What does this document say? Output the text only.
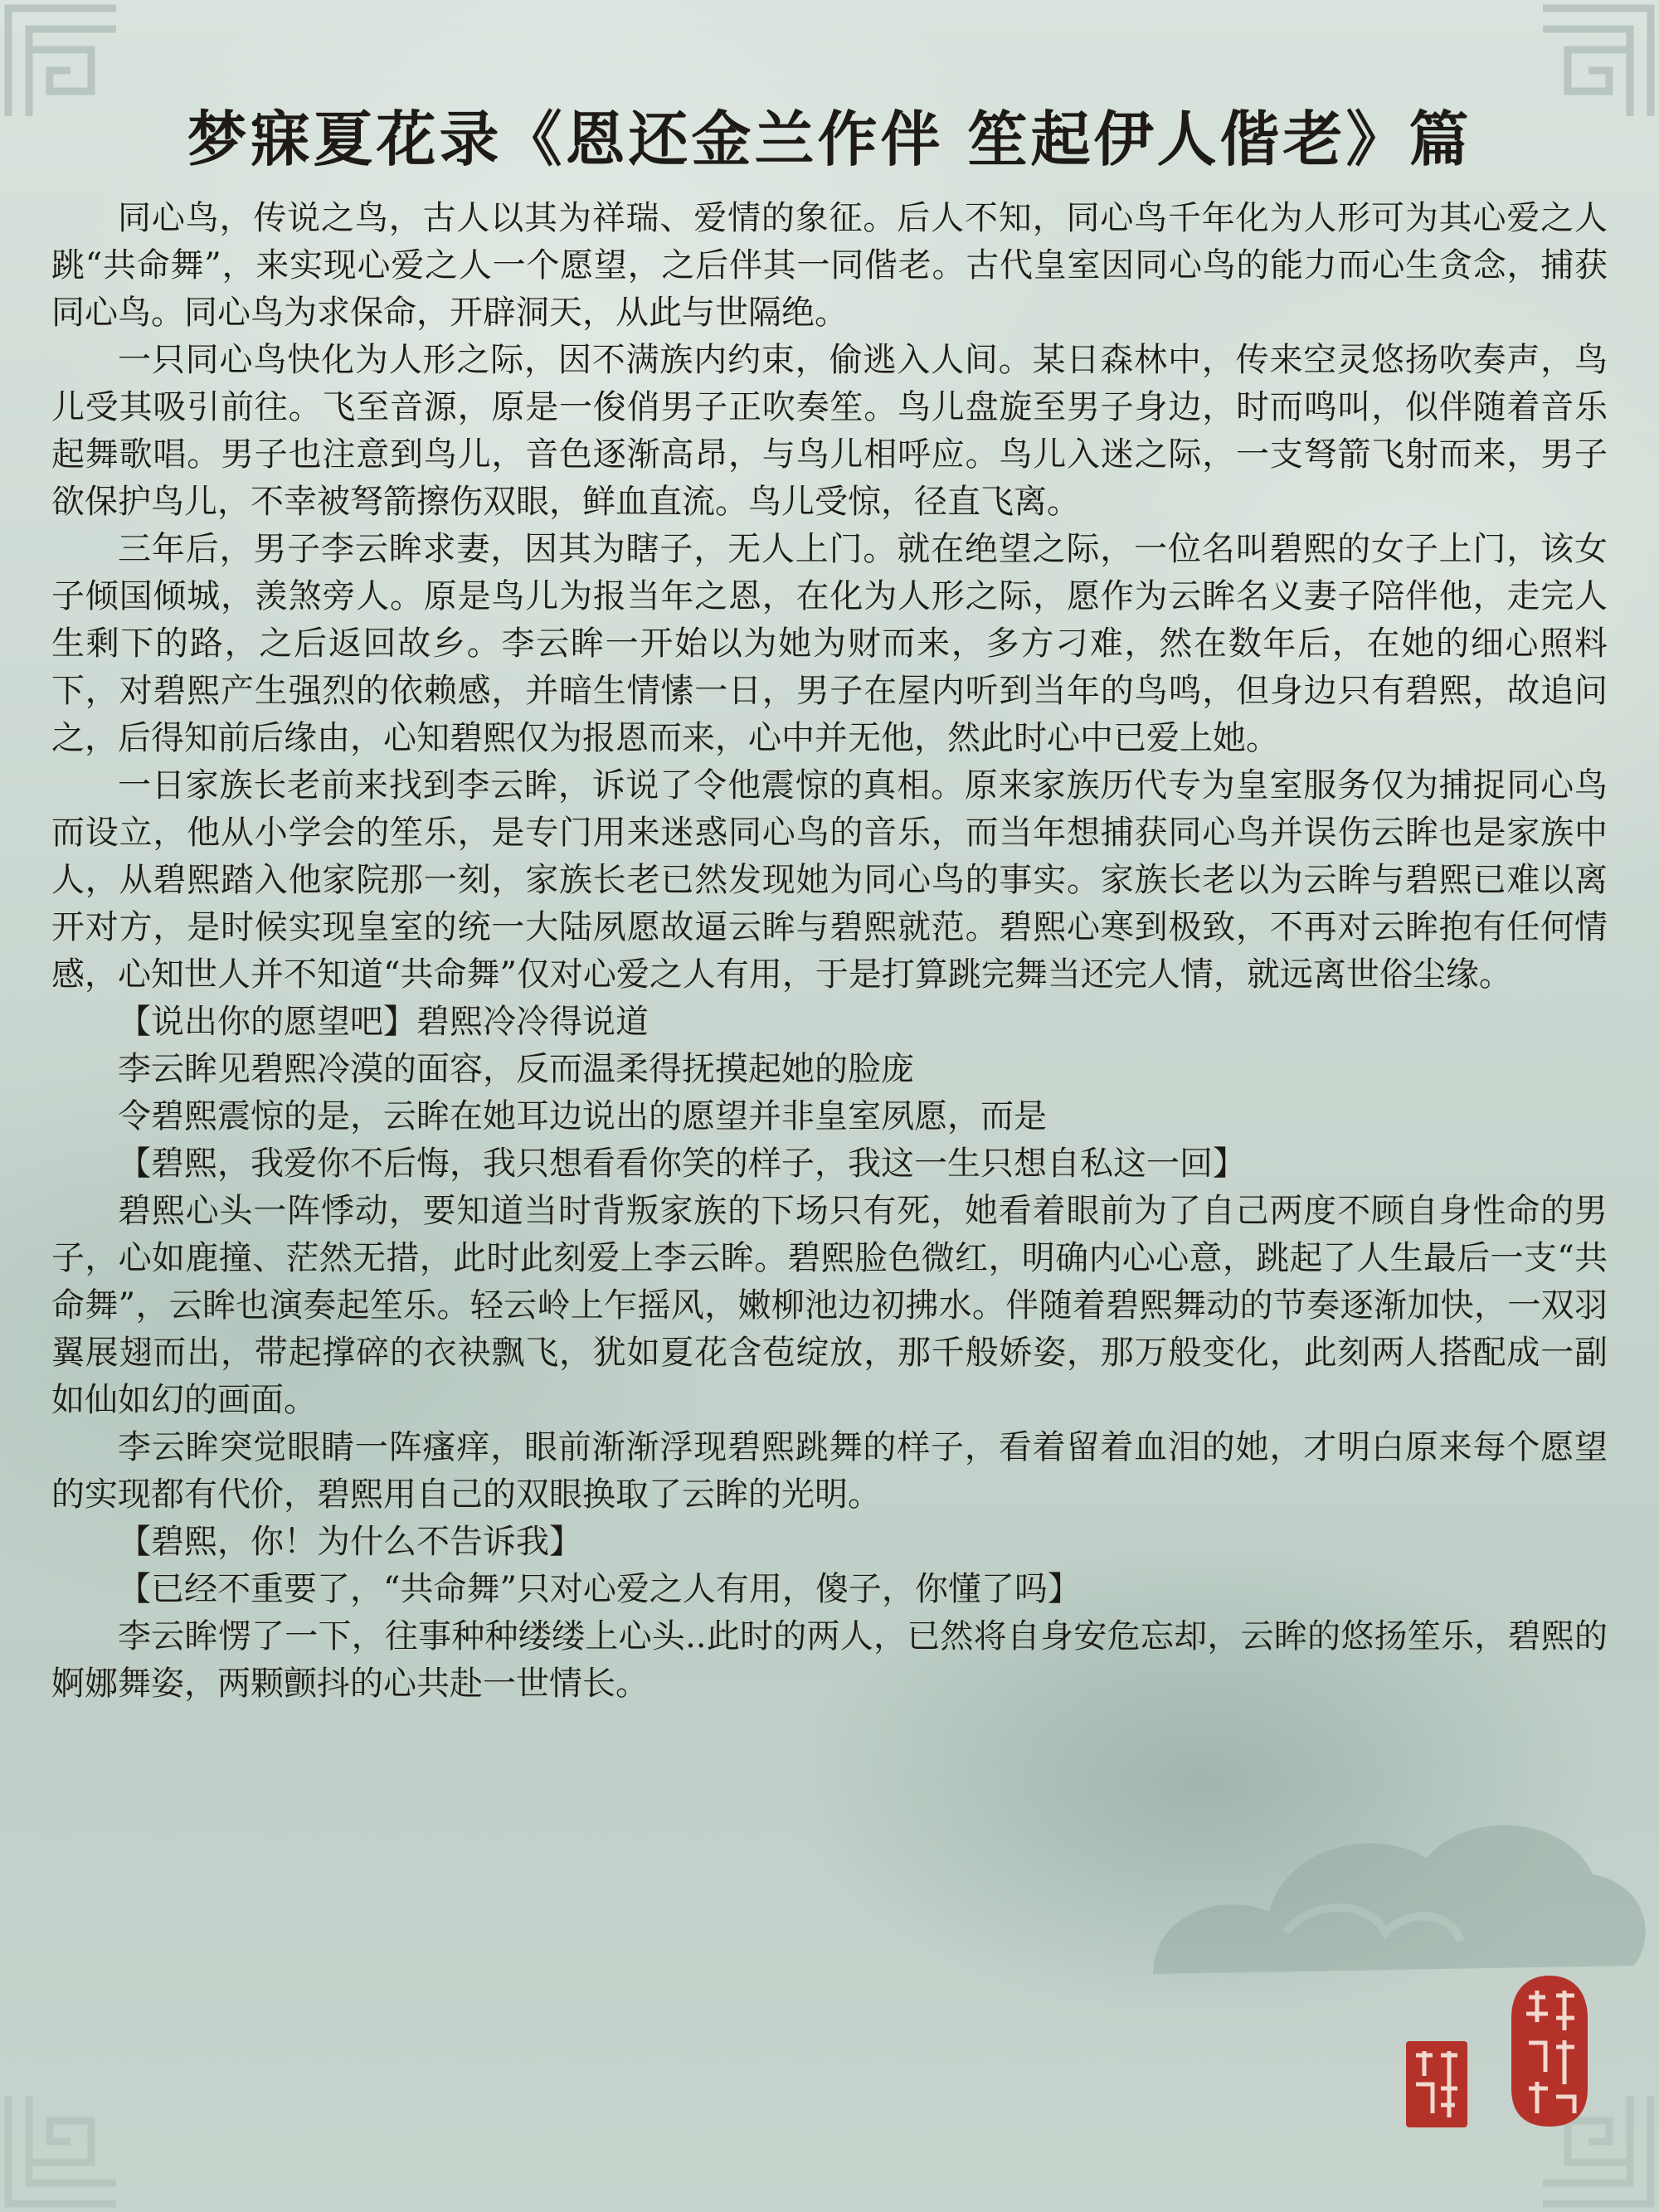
梦寐夏花录《恩还金兰作伴 笙起伊人偕老》篇

同心鸟，传说之鸟，古人以其为祥瑞、爱情的象征。后人不知，同心鸟千年化为人形可为其心爱之人跳“共命舞”，来实现心爱之人一个愿望，之后伴其一同偕老。古代皇室因同心鸟的能力而心生贪念，捕获同心鸟。同心鸟为求保命，开辟洞天，从此与世隔绝。

一只同心鸟快化为人形之际，因不满族内约束，偷逃入人间。某日森林中，传来空灵悠扬吹奏声，鸟儿受其吸引前往。飞至音源，原是一俊俏男子正吹奏笙。鸟儿盘旋至男子身边，时而鸣叫，似伴随着音乐起舞歌唱。男子也注意到鸟儿，音色逐渐高昂，与鸟儿相呼应。鸟儿入迷之际，一支弩箭飞射而来，男子欲保护鸟儿，不幸被弩箭擦伤双眼，鲜血直流。鸟儿受惊，径直飞离。

三年后，男子李云眸求妻，因其为瞎子，无人上门。就在绝望之际，一位名叫碧熙的女子上门，该女子倾国倾城，羡煞旁人。原是鸟儿为报当年之恩，在化为人形之际，愿作为云眸名义妻子陪伴他，走完人生剩下的路，之后返回故乡。李云眸一开始以为她为财而来，多方刁难，然在数年后，在她的细心照料下，对碧熙产生强烈的依赖感，并暗生情愫一日，男子在屋内听到当年的鸟鸣，但身边只有碧熙，故追问之，后得知前后缘由，心知碧熙仅为报恩而来，心中并无他，然此时心中已爱上她。

一日家族长老前来找到李云眸，诉说了令他震惊的真相。原来家族历代专为皇室服务仅为捕捉同心鸟而设立，他从小学会的笙乐，是专门用来迷惑同心鸟的音乐，而当年想捕获同心鸟并误伤云眸也是家族中人，从碧熙踏入他家院那一刻，家族长老已然发现她为同心鸟的事实。家族长老以为云眸与碧熙已难以离开对方，是时候实现皇室的统一大陆夙愿故逼云眸与碧熙就范。碧熙心寒到极致，不再对云眸抱有任何情感，心知世人并不知道“共命舞”仅对心爱之人有用，于是打算跳完舞当还完人情，就远离世俗尘缘。

【说出你的愿望吧】碧熙冷冷得说道

李云眸见碧熙冷漠的面容，反而温柔得抚摸起她的脸庞

令碧熙震惊的是，云眸在她耳边说出的愿望并非皇室夙愿，而是

【碧熙，我爱你不后悔，我只想看看你笑的样子，我这一生只想自私这一回】

碧熙心头一阵悸动，要知道当时背叛家族的下场只有死，她看着眼前为了自己两度不顾自身性命的男子，心如鹿撞、茫然无措，此时此刻爱上李云眸。碧熙脸色微红，明确内心心意，跳起了人生最后一支“共命舞”，云眸也演奏起笙乐。轻云岭上乍摇风，嫩柳池边初拂水。伴随着碧熙舞动的节奏逐渐加快，一双羽翼展翅而出，带起撑碎的衣袂飘飞，犹如夏花含苞绽放，那千般娇姿，那万般变化，此刻两人搭配成一副如仙如幻的画面。

李云眸突觉眼睛一阵瘙痒，眼前渐渐浮现碧熙跳舞的样子，看着留着血泪的她，才明白原来每个愿望的实现都有代价，碧熙用自己的双眼换取了云眸的光明。

【碧熙，你！为什么不告诉我】

【已经不重要了，“共命舞”只对心爱之人有用，傻子，你懂了吗】

李云眸愣了一下，往事种种缕缕上心头..此时的两人，已然将自身安危忘却，云眸的悠扬笙乐，碧熙的婀娜舞姿，两颗颤抖的心共赴一世情长。
